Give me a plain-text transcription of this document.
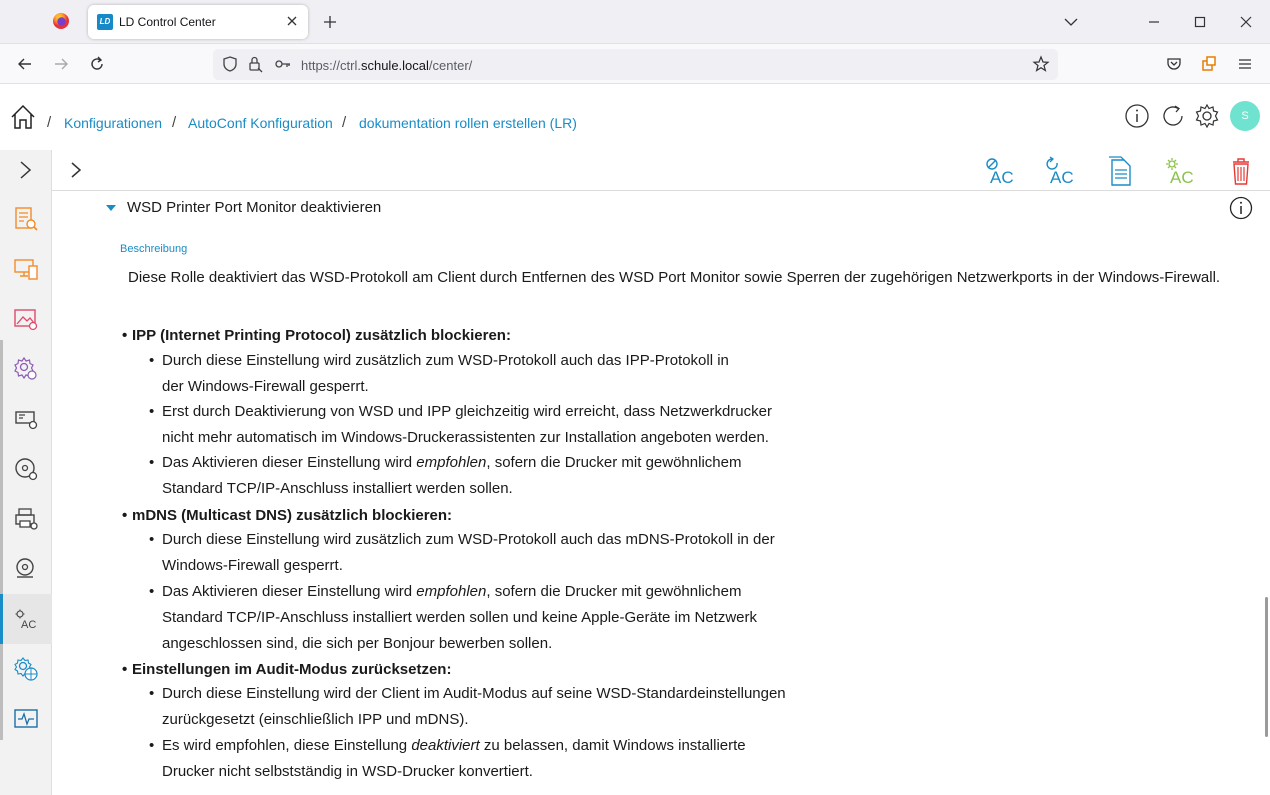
LD LD Control Center
https://ctrl.schule.local/center/
/ Konfigurationen / AutoConf Konfiguration / dokumentation rollen erstellen (LR)	S
AC
AC AC	AC
WSD Printer Port Monitor deaktivieren
Beschreibung
Diese Rolle deaktiviert das WSD-Protokoll am Client durch Entfernen des WSD Port Monitor sowie Sperren der zugehörigen Netzwerkports in der Windows-Firewall.
• IPP (Internet Printing Protocol) zusätzlich blockieren:
• Durch diese Einstellung wird zusätzlich zum WSD-Protokoll auch das IPP-Protokoll in
der Windows-Firewall gesperrt.
• Erst durch Deaktivierung von WSD und IPP gleichzeitig wird erreicht, dass Netzwerkdrucker
nicht mehr automatisch im Windows-Druckerassistenten zur Installation angeboten werden.
• Das Aktivieren dieser Einstellung wird empfohlen, sofern die Drucker mit gewöhnlichem
Standard TCP/IP-Anschluss installiert werden sollen.
• mDNS (Multicast DNS) zusätzlich blockieren:
• Durch diese Einstellung wird zusätzlich zum WSD-Protokoll auch das mDNS-Protokoll in der
Windows-Firewall gesperrt.
• Das Aktivieren dieser Einstellung wird empfohlen, sofern die Drucker mit gewöhnlichem
Standard TCP/IP-Anschluss installiert werden sollen und keine Apple-Geräte im Netzwerk
angeschlossen sind, die sich per Bonjour bewerben sollen.
• Einstellungen im Audit-Modus zurücksetzen:
• Durch diese Einstellung wird der Client im Audit-Modus auf seine WSD-Standardeinstellungen
zurückgesetzt (einschließlich IPP und mDNS).
• Es wird empfohlen, diese Einstellung deaktiviert zu belassen, damit Windows installierte
Drucker nicht selbstständig in WSD-Drucker konvertiert.
